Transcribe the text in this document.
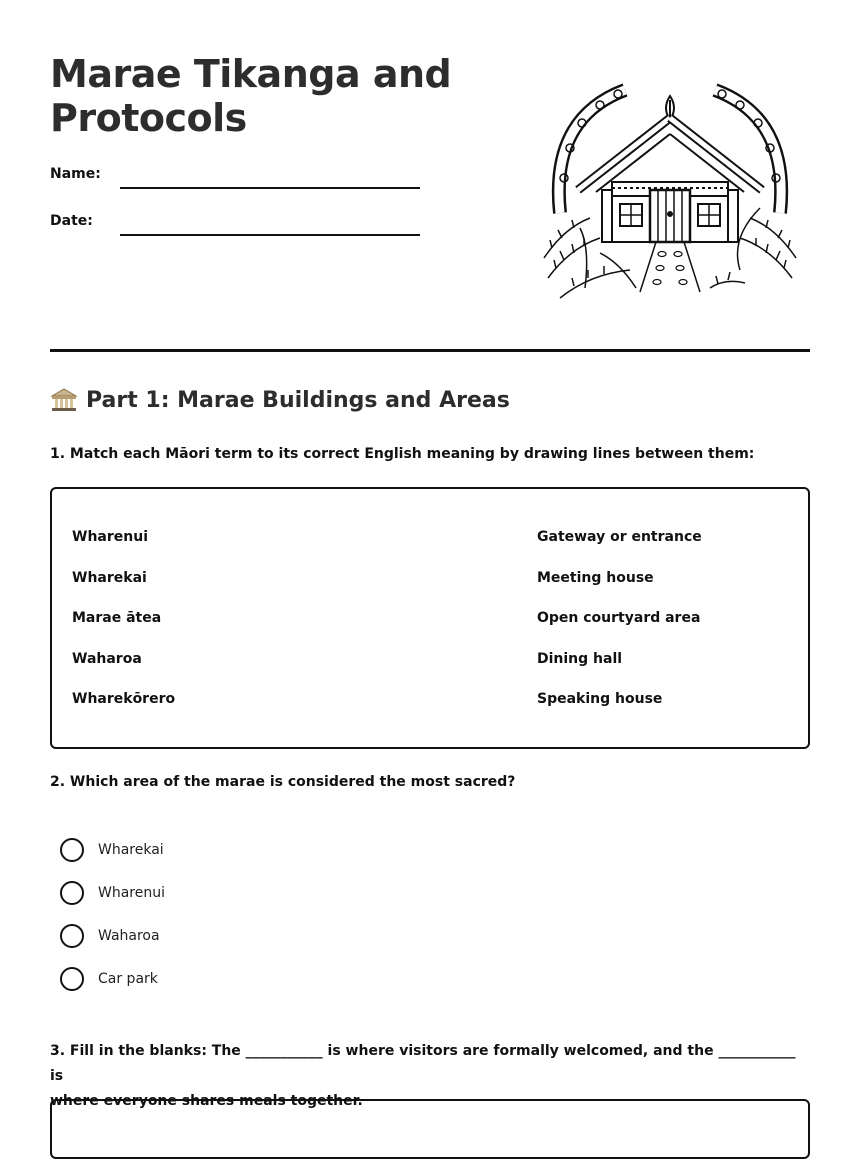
Marae Tikanga and
Protocols
Name:
Date:
Part 1: Marae Buildings and Areas
1. Match each Māori term to its correct English meaning by drawing lines between them:
Wharenui
Wharekai
Marae ātea
Waharoa
Wharekōrero
Gateway or entrance
Meeting house
Open courtyard area
Dining hall
Speaking house
2. Which area of the marae is considered the most sacred?
Wharekai
Wharenui
Waharoa
Car park
3. Fill in the blanks: The ___________ is where visitors are formally welcomed, and the ___________ is
where everyone shares meals together.
